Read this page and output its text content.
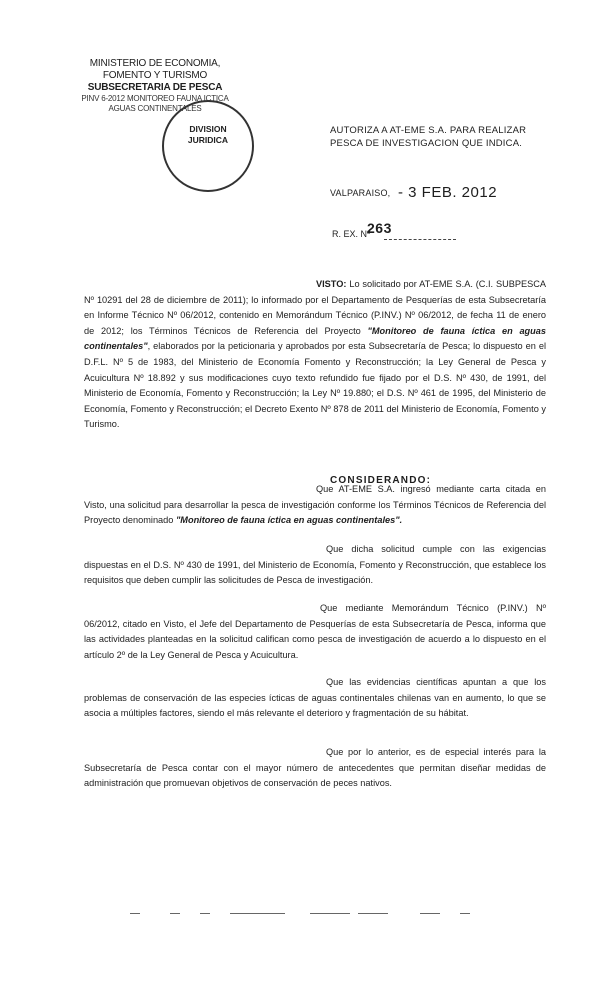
MINISTERIO DE ECONOMIA,
FOMENTO Y TURISMO
SUBSECRETARIA DE PESCA
PINV 6-2012 MONITOREO FAUNA ICTICA
AGUAS CONTINENTALES
DIVISION
JURIDICA
AUTORIZA A AT-EME S.A. PARA REALIZAR PESCA DE INVESTIGACION QUE INDICA.
VALPARAISO, - 3 FEB. 2012
R. EX. Nº
263
VISTO: Lo solicitado por AT-EME S.A. (C.I. SUBPESCA Nº 10291 del 28 de diciembre de 2011); lo informado por el Departamento de Pesquerías de esta Subsecretaría en Informe Técnico Nº 06/2012, contenido en Memorándum Técnico (P.INV.) Nº 06/2012, de fecha 11 de enero de 2012; los Términos Técnicos de Referencia del Proyecto "Monitoreo de fauna íctica en aguas continentales", elaborados por la peticionaria y aprobados por esta Subsecretaría de Pesca; lo dispuesto en el D.F.L. Nº 5 de 1983, del Ministerio de Economía Fomento y Reconstrucción; la Ley General de Pesca y Acuicultura Nº 18.892 y sus modificaciones cuyo texto refundido fue fijado por el D.S. Nº 430, de 1991, del Ministerio de Economía, Fomento y Reconstrucción; la Ley Nº 19.880; el D.S. Nº 461 de 1995, del Ministerio de Economía, Fomento y Reconstrucción; el Decreto Exento Nº 878 de 2011 del Ministerio de Economía, Fomento y Turismo.
CONSIDERANDO:
Que AT-EME S.A. ingresó mediante carta citada en Visto, una solicitud para desarrollar la pesca de investigación conforme los Términos Técnicos de Referencia del Proyecto denominado "Monitoreo de fauna íctica en aguas continentales".
Que dicha solicitud cumple con las exigencias dispuestas en el D.S. Nº 430 de 1991, del Ministerio de Economía, Fomento y Reconstrucción, que establece los requisitos que deben cumplir las solicitudes de Pesca de investigación.
Que mediante Memorándum Técnico (P.INV.) Nº 06/2012, citado en Visto, el Jefe del Departamento de Pesquerías de esta Subsecretaría de Pesca, informa que las actividades planteadas en la solicitud califican como pesca de investigación de acuerdo a lo dispuesto en el artículo 2º de la Ley General de Pesca y Acuicultura.
Que las evidencias científicas apuntan a que los problemas de conservación de las especies ícticas de aguas continentales chilenas van en aumento, lo que se asocia a múltiples factores, siendo el más relevante el deterioro y fragmentación de su hábitat.
Que por lo anterior, es de especial interés para la Subsecretaría de Pesca contar con el mayor número de antecedentes que permitan diseñar medidas de administración que promuevan objetivos de conservación de peces nativos.
